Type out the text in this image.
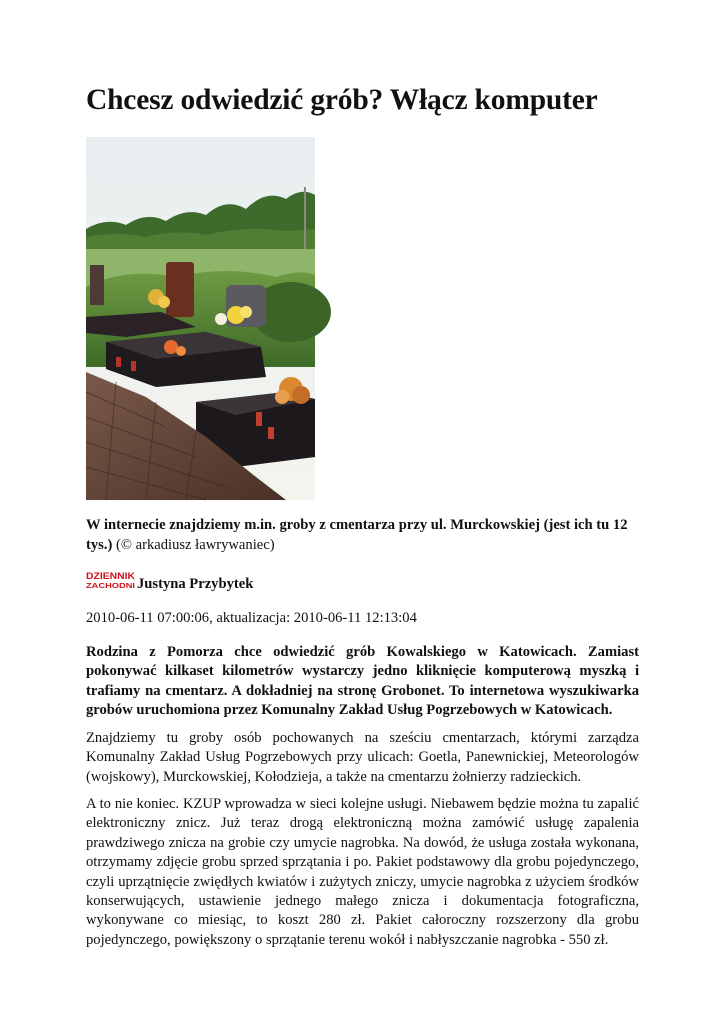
Chcesz odwiedzić grób? Włącz komputer
W internecie znajdziemy m.in. groby z cmentarza przy ul. Murckowskiej (jest ich tu 12 tys.) (© arkadiusz ławrywaniec)
DZIENNIK
ZACHODNI Justyna Przybytek
2010-06-11 07:00:06, aktualizacja: 2010-06-11 12:13:04

Rodzina z Pomorza chce odwiedzić grób Kowalskiego w Katowicach. Zamiast pokonywać kilkaset kilometrów wystarczy jedno kliknięcie komputerową myszką i trafiamy na cmentarz. A dokładniej na stronę Grobonet. To internetowa wyszukiwarka grobów uruchomiona przez Komunalny Zakład Usług Pogrzebowych w Katowicach.

Znajdziemy tu groby osób pochowanych na sześciu cmentarzach, którymi zarządza Komunalny Zakład Usług Pogrzebowych przy ulicach: Goetla, Panewnickiej, Meteorologów (wojskowy), Murckowskiej, Kołodzieja, a także na cmentarzu żołnierzy radzieckich.

A to nie koniec. KZUP wprowadza w sieci kolejne usługi. Niebawem będzie można tu zapalić elektroniczny znicz. Już teraz drogą elektroniczną można zamówić usługę zapalenia prawdziwego znicza na grobie czy umycie nagrobka. Na dowód, że usługa została wykonana, otrzymamy zdjęcie grobu sprzed sprzątania i po. Pakiet podstawowy dla grobu pojedynczego, czyli uprzątnięcie zwiędłych kwiatów i zużytych zniczy, umycie nagrobka z użyciem środków konserwujących, ustawienie jednego małego znicza i dokumentacja fotograficzna, wykonywane co miesiąc, to koszt 280 zł. Pakiet całoroczny rozszerzony dla grobu pojedynczego, powiększony o sprzątanie terenu wokół i nabłyszczanie nagrobka - 550 zł.
